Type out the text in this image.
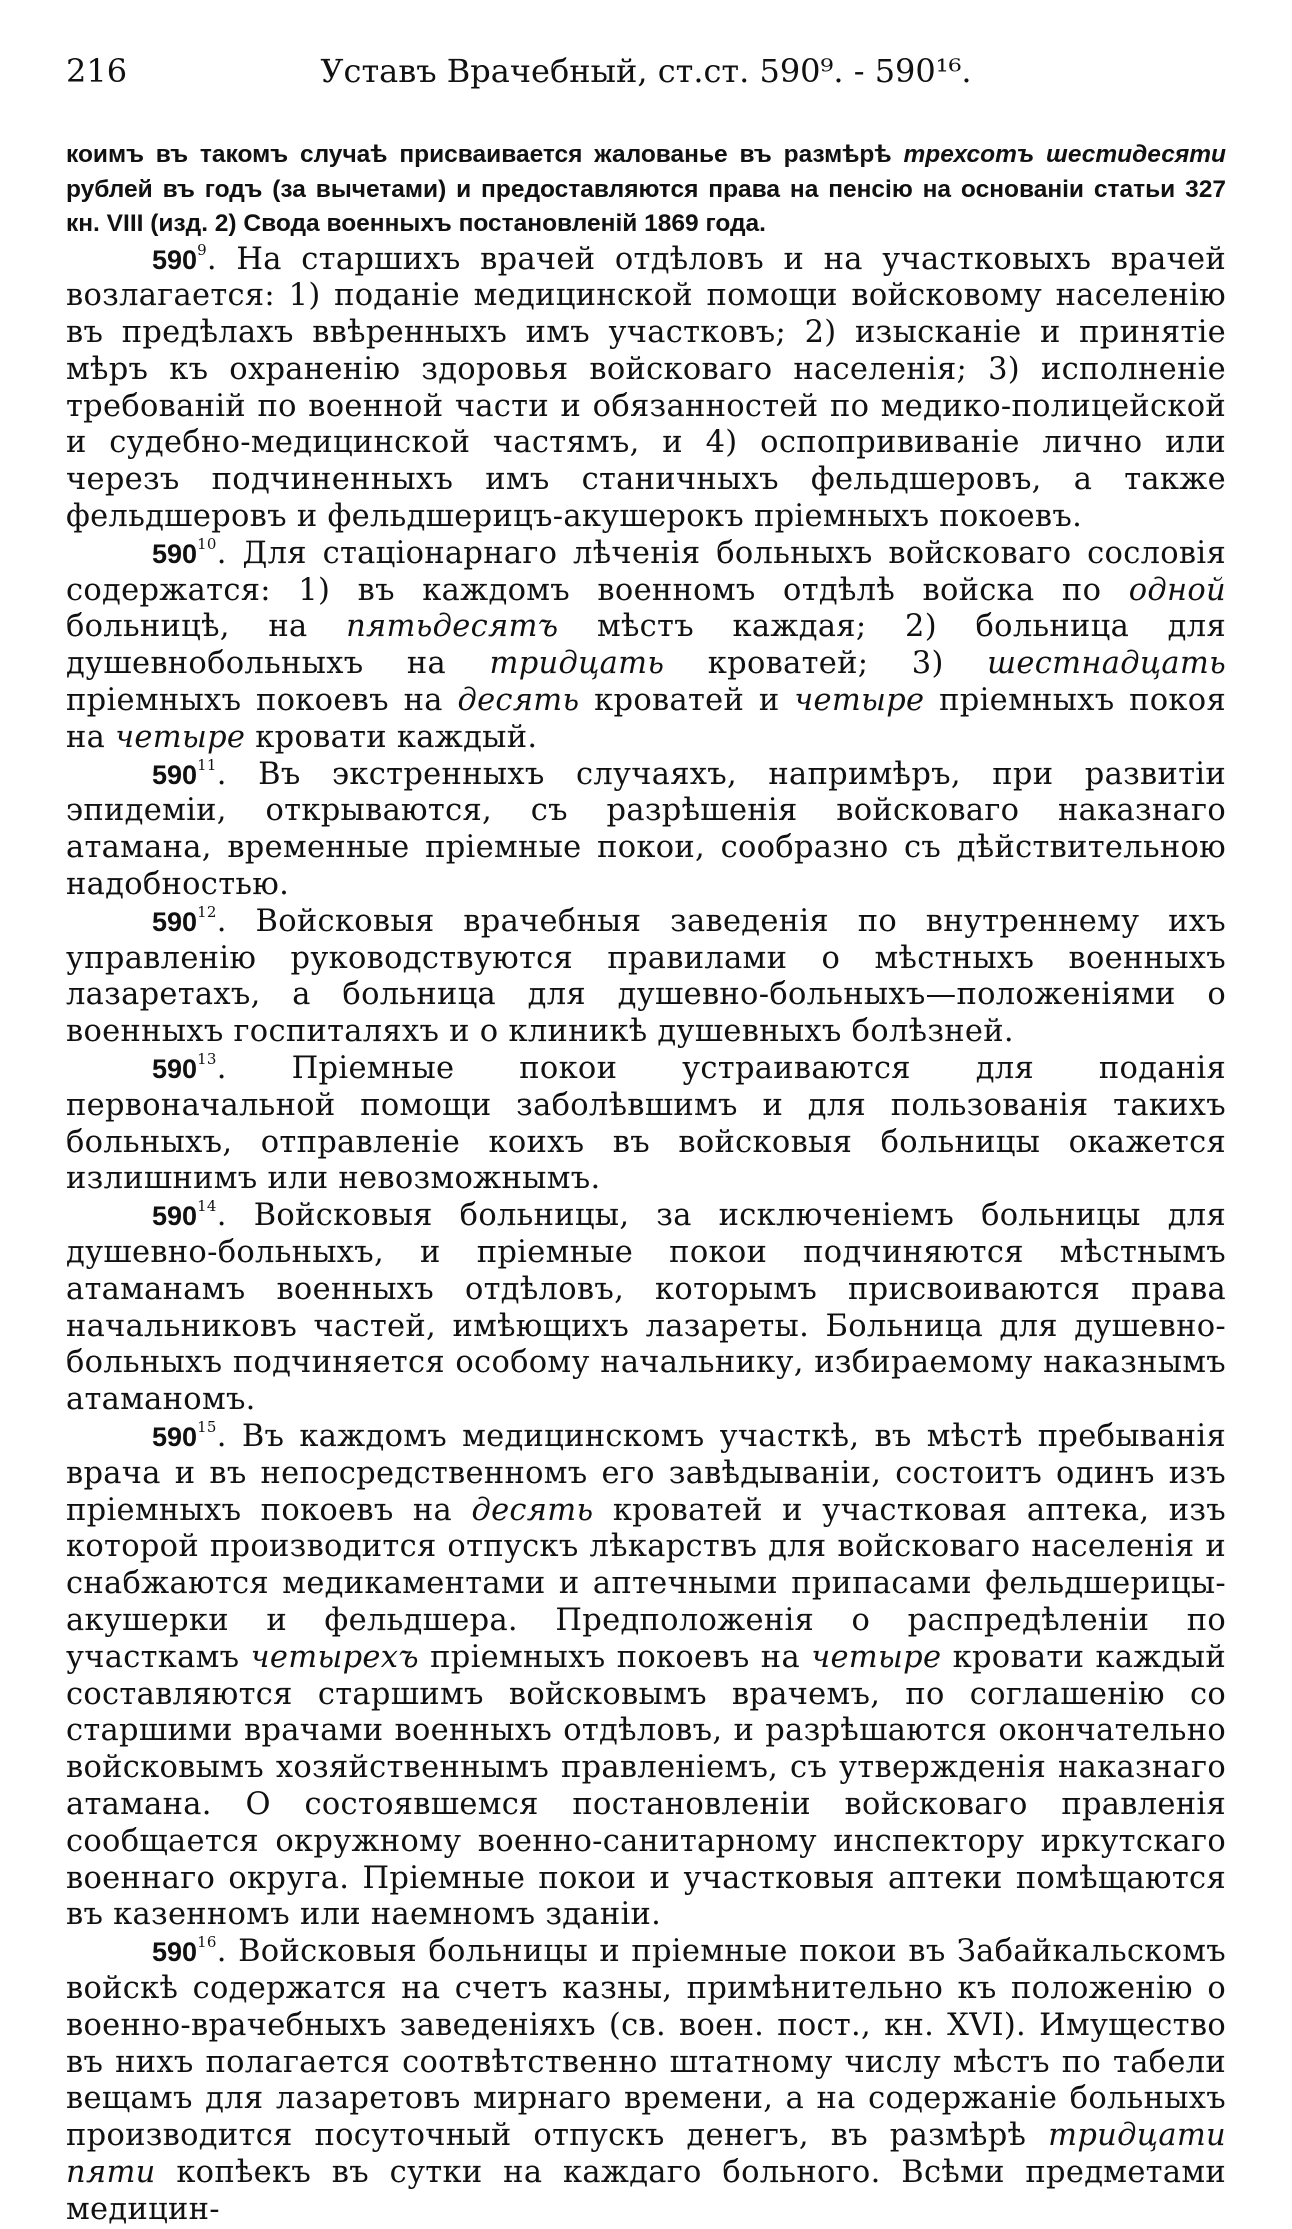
216	Уставъ Врачебный, ст.ст. 590⁹. - 590¹⁶.

коимъ въ такомъ случаѣ присваивается жалованье въ размѣрѣ трехсотъ шестидесяти рублей въ годъ (за вычетами) и предоставляются права на пенсію на основаніи статьи 327 кн. VIII (изд. 2) Свода военныхъ постановленій 1869 года.

$590^9$. На старшихъ врачей отдѣловъ и на участковыхъ врачей возлагается: 1) поданіе медицинской помощи войсковому населенію въ предѣлахъ ввѣренныхъ имъ участковъ; 2) изысканіе и принятіе мѣръ къ охраненію здоровья войсковаго населенія; 3) исполненіе требованій по военной части и обязанностей по медико-полицейской и судебно-медицинской частямъ, и 4) оспопрививаніе лично или черезъ подчиненныхъ имъ станичныхъ фельдшеровъ, а также фельдшеровъ и фельдшерицъ-акушерокъ пріемныхъ покоевъ.

$590^{10}$. Для стаціонарнаго лѣченія больныхъ войсковаго сословія содержатся: 1) въ каждомъ военномъ отдѣлѣ войска по одной больницѣ, на пятьдесятъ мѣстъ каждая; 2) больница для душевнобольныхъ на тридцать кроватей; 3) шестнадцать пріемныхъ покоевъ на десять кроватей и четыре пріемныхъ покоя на четыре кровати каждый.

$590^{11}$. Въ экстренныхъ случаяхъ, напримѣръ, при развитіи эпидеміи, открываются, съ разрѣшенія войсковаго наказнаго атамана, временные пріемные покои, сообразно съ дѣйствительною надобностью.

$590^{12}$. Войсковыя врачебныя заведенія по внутреннему ихъ управленію руководствуются правилами о мѣстныхъ военныхъ лазаретахъ, а больница для душевно-больныхъ—положеніями о военныхъ госпиталяхъ и о клиникѣ душевныхъ болѣзней.

$590^{13}$. Пріемные покои устраиваются для поданія первоначальной помощи заболѣвшимъ и для пользованія такихъ больныхъ, отправленіе коихъ въ войсковыя больницы окажется излишнимъ или невозможнымъ.

$590^{14}$. Войсковыя больницы, за исключеніемъ больницы для душевно-больныхъ, и пріемные покои подчиняются мѣстнымъ атаманамъ военныхъ отдѣловъ, которымъ присвоиваются права начальниковъ частей, имѣющихъ лазареты. Больница для душевно-больныхъ подчиняется особому начальнику, избираемому наказнымъ атаманомъ.

$590^{15}$. Въ каждомъ медицинскомъ участкѣ, въ мѣстѣ пребыванія врача и въ непосредственномъ его завѣдываніи, состоитъ одинъ изъ пріемныхъ покоевъ на десять кроватей и участковая аптека, изъ которой производится отпускъ лѣкарствъ для войсковаго населенія и снабжаются медикаментами и аптечными припасами фельдшерицы-акушерки и фельдшера. Предположенія о распредѣленіи по участкамъ четырехъ пріемныхъ покоевъ на четыре кровати каждый составляются старшимъ войсковымъ врачемъ, по соглашенію со старшими врачами военныхъ отдѣловъ, и разрѣшаются окончательно войсковымъ хозяйственнымъ правленіемъ, съ утвержденія наказнаго атамана. О состоявшемся постановленіи войсковаго правленія сообщается окружному военно-санитарному инспектору иркутскаго военнаго округа. Пріемные покои и участковыя аптеки помѣщаются въ казенномъ или наемномъ зданіи.

$590^{16}$. Войсковыя больницы и пріемные покои въ Забайкальскомъ войскѣ содержатся на счетъ казны, примѣнительно къ положенію о военно-врачебныхъ заведеніяхъ (св. воен. пост., кн. XVI). Имущество въ нихъ полагается соотвѣтственно штатному числу мѣстъ по табели вещамъ для лазаретовъ мирнаго времени, а на содержаніе больныхъ производится посуточный отпускъ денегъ, въ размѣрѣ тридцати пяти копѣекъ въ сутки на каждаго больного. Всѣми предметами медицин-
